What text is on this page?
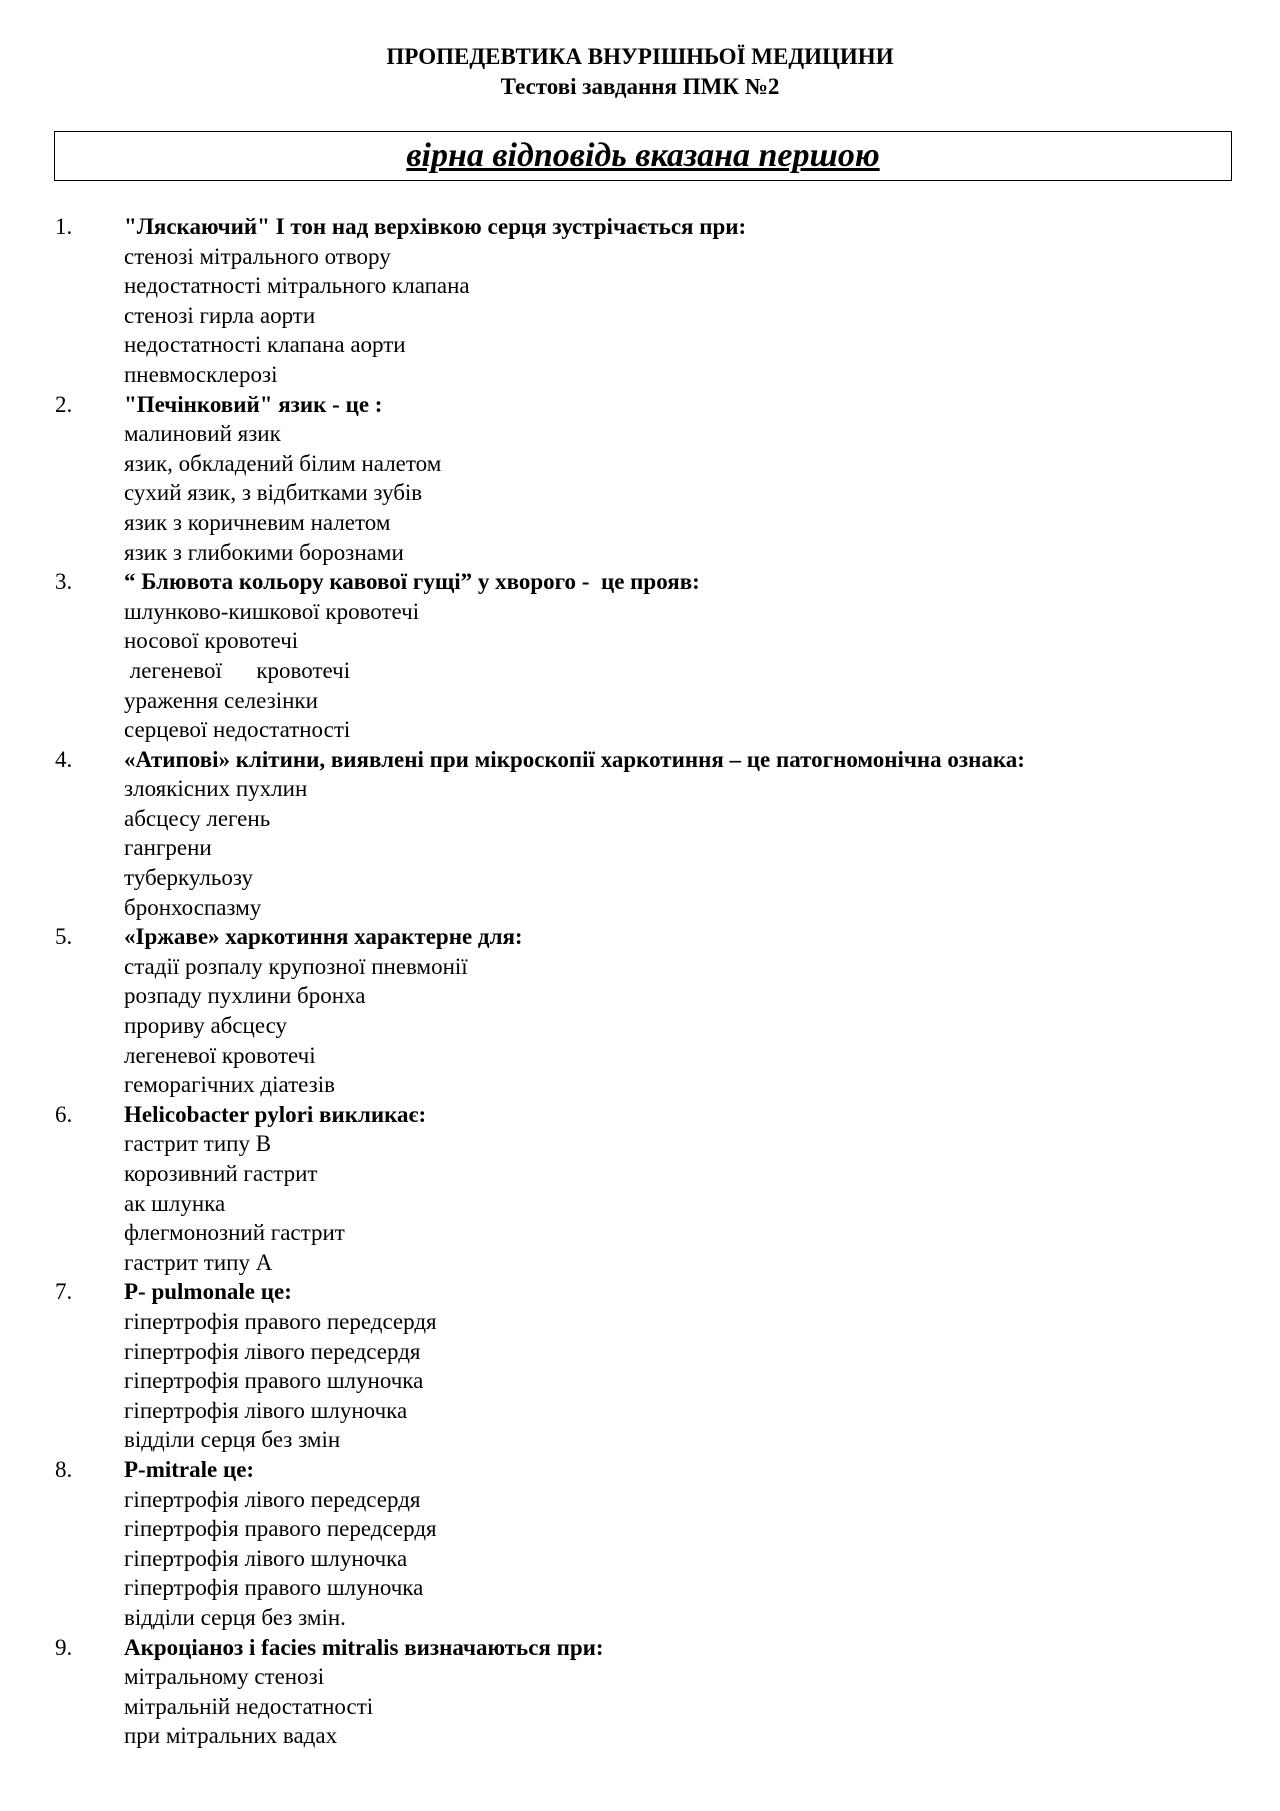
ПРОПЕДЕВТИКА ВНУРІШНЬОЇ МЕДИЦИНИ
Тестові завдання ПМК №2
вірна відповідь вказана першою
1. "Ляскаючий" І тон над верхівкою серця зустрічається при:
стенозі мітрального отвору
недостатності мітрального клапана
стенозі гирла аорти
недостатності клапана аорти
пневмосклерозі
2. "Печінковий" язик - це :
малиновий язик
язик, обкладений білим налетом
сухий язик, з відбитками зубів
язик з коричневим налетом
язик з глибокими борознами
3. “ Блювота кольору кавової гущі” у хворого -  це прояв:
шлунково-кишкової кровотечі
носової кровотечі
легеневої      кровотечі
ураження селезінки
серцевої недостатності
4. «Атипові» клітини, виявлені при мікроскопії харкотиння – це патогномонічна ознака:
злоякісних пухлин
абсцесу легень
гангрени
туберкульозу
бронхоспазму
5. «Іржаве» харкотиння характерне для:
стадії розпалу крупозної пневмонії
розпаду пухлини бронха
прориву абсцесу
легеневої кровотечі
геморагічних діатезів
6. Helicobacter pylori викликає:
гастрит типу В
корозивний гастрит
ак шлунка
флегмонозний гастрит
гастрит типу А
7. P- pulmonale це:
гіпертрофія правого передсердя
гіпертрофія лівого передсердя
гіпертрофія правого шлуночка
гіпертрофія лівого шлуночка
відділи серця без змін
8. P-mitrale це:
гіпертрофія лівого передсердя
гіпертрофія правого передсердя
гіпертрофія лівого шлуночка
гіпертрофія правого шлуночка
відділи серця без змін.
9. Акроціаноз і facies mitralis визначаються при:
мітральному стенозі
мітральній недостатності
при мітральних вадах
